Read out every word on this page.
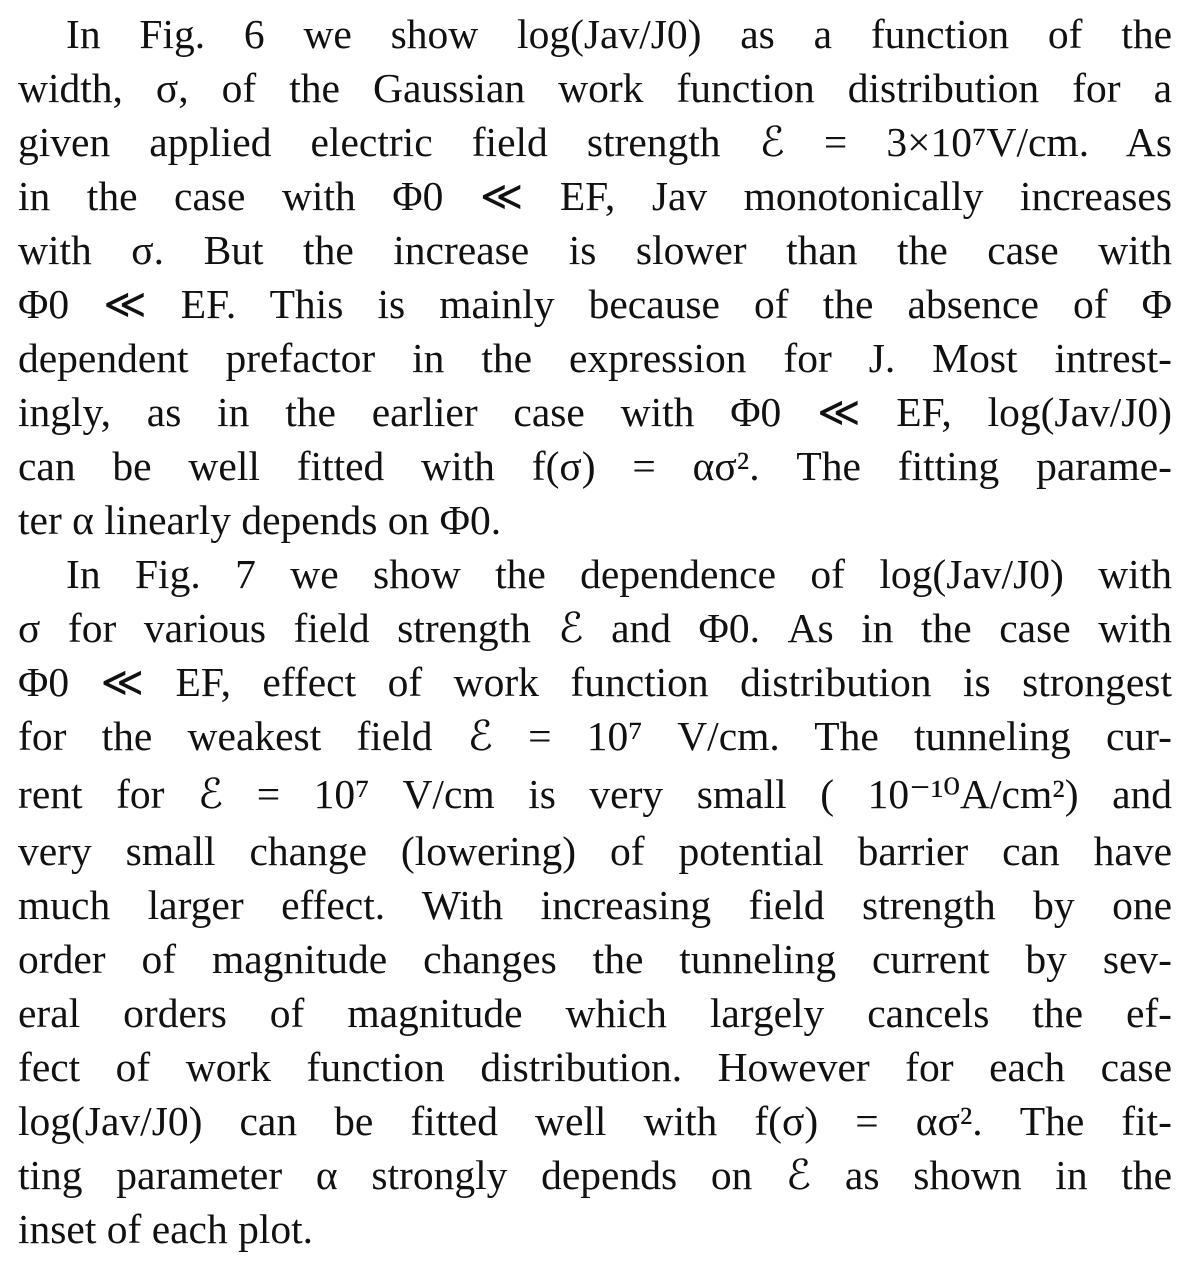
In Fig. 6 we show log(Jav/J0) as a function of the
width, σ, of the Gaussian work function distribution for a
given applied electric field strength ℰ = 3×10⁷V/cm. As
in the case with Φ0 ≪ EF, Jav monotonically increases
with σ. But the increase is slower than the case with
Φ0 ≪ EF. This is mainly because of the absence of Φ
dependent prefactor in the expression for J. Most intrest-
ingly, as in the earlier case with Φ0 ≪ EF, log(Jav/J0)
can be well fitted with f(σ) = ασ². The fitting parame-
ter α linearly depends on Φ0.
In Fig. 7 we show the dependence of log(Jav/J0) with
σ for various field strength ℰ and Φ0. As in the case with
Φ0 ≪ EF, effect of work function distribution is strongest
for the weakest field ℰ = 10⁷ V/cm. The tunneling cur-
rent for ℰ = 10⁷ V/cm is very small ( 10⁻¹⁰A/cm²) and
very small change (lowering) of potential barrier can have
much larger effect. With increasing field strength by one
order of magnitude changes the tunneling current by sev-
eral orders of magnitude which largely cancels the ef-
fect of work function distribution. However for each case
log(Jav/J0) can be fitted well with f(σ) = ασ². The fit-
ting parameter α strongly depends on ℰ as shown in the
inset of each plot.
